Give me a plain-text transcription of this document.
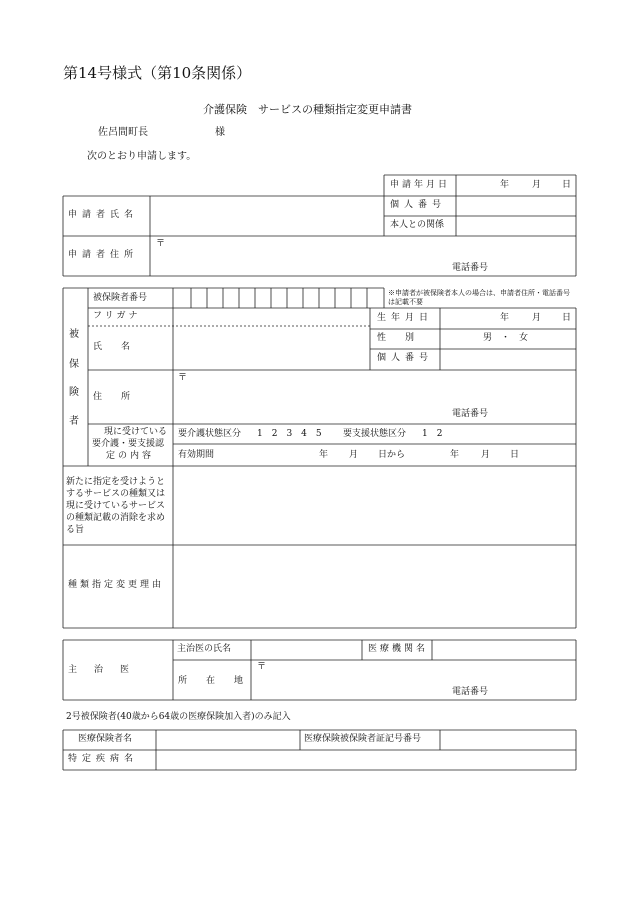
第14号様式（第10条関係）
介護保険　サービスの種類指定変更申請書
佐呂間町長	様
次のとおり申請します。
申請年月日	年	月 日
申請者氏名
個人番号
本人との関係
申請者住所
〒
電話番号
被
保
険
者
被保険者番号	※申請者が被保険者本人の場合は、申請者住所・電話番号は記載不要
フリガナ
氏　名
生年月日	年	月 日
性　別	男　・　女
個人番号
住　所
〒
電話番号
現に受けている
要介護・要支援認
定の内容
要介護状態区分 1　2　3　4　5 要支援状態区分 1　2
有効期間	年 月 日から	年 月 日
新たに指定を受けようとするサービスの種類又は現に受けているサービスの種類記載の消除を求める旨
種類指定変更理由
主　治　医
主治医の氏名	医療機関名
所　在　地
〒
電話番号
2号被保険者(40歳から64歳の医療保険加入者)のみ記入
医療保険者名	医療保険被保険者証記号番号
特定疾病名
